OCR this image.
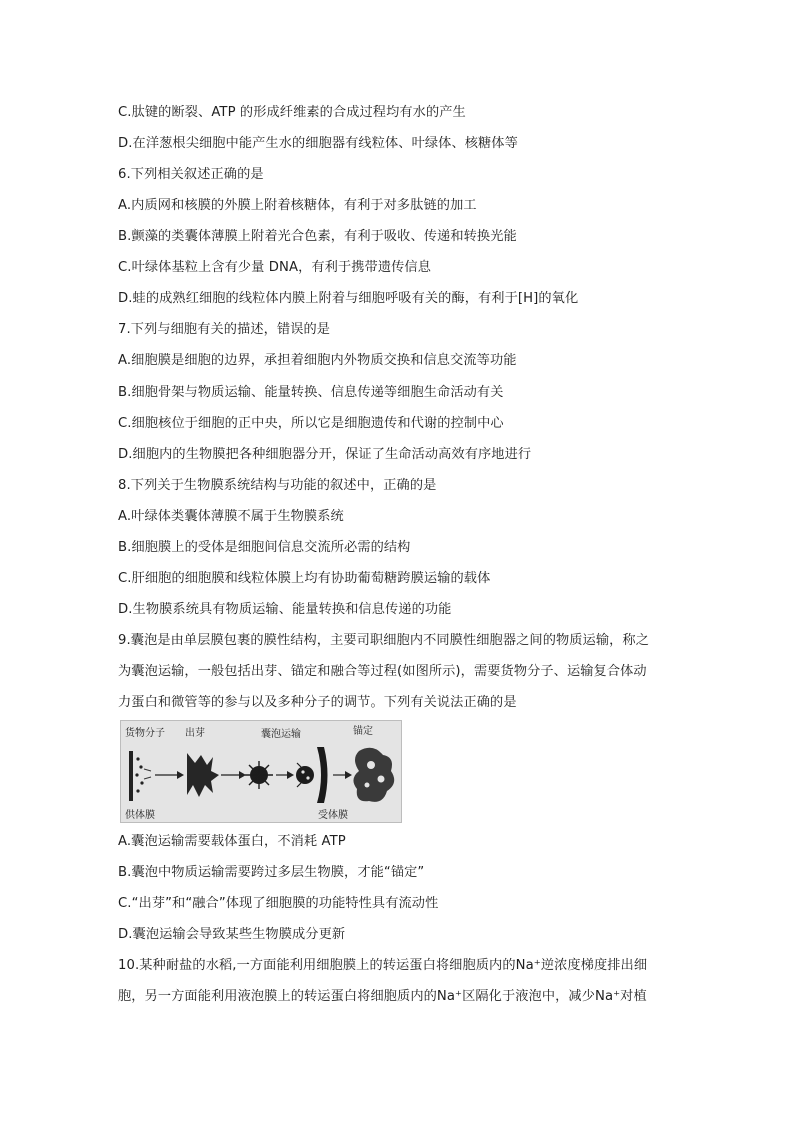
C.肽键的断裂、ATP 的形成纤维素的合成过程均有水的产生
D.在洋葱根尖细胞中能产生水的细胞器有线粒体、叶绿体、核糖体等
6.下列相关叙述正确的是
A.内质网和核膜的外膜上附着核糖体，有利于对多肽链的加工
B.颤藻的类囊体薄膜上附着光合色素，有利于吸收、传递和转换光能
C.叶绿体基粒上含有少量 DNA，有利于携带遗传信息
D.蛙的成熟红细胞的线粒体内膜上附着与细胞呼吸有关的酶，有利于[H]的氧化
7.下列与细胞有关的描述，错误的是
A.细胞膜是细胞的边界，承担着细胞内外物质交换和信息交流等功能
B.细胞骨架与物质运输、能量转换、信息传递等细胞生命活动有关
C.细胞核位于细胞的正中央，所以它是细胞遗传和代谢的控制中心
D.细胞内的生物膜把各种细胞器分开，保证了生命活动高效有序地进行
8.下列关于生物膜系统结构与功能的叙述中，正确的是
A.叶绿体类囊体薄膜不属于生物膜系统
B.细胞膜上的受体是细胞间信息交流所必需的结构
C.肝细胞的细胞膜和线粒体膜上均有协助葡萄糖跨膜运输的载体
D.生物膜系统具有物质运输、能量转换和信息传递的功能
9.囊泡是由单层膜包裹的膜性结构，主要司职细胞内不同膜性细胞器之间的物质运输，称之
为囊泡运输，一般包括出芽、锚定和融合等过程(如图所示)，需要货物分子、运输复合体动
力蛋白和微管等的参与以及多种分子的调节。下列有关说法正确的是
货物分子 出芽	囊泡运输	锚定
供体膜	受体膜
A.囊泡运输需要载体蛋白，不消耗 ATP
B.囊泡中物质运输需要跨过多层生物膜，才能“锚定”
C.“出芽”和“融合”体现了细胞膜的功能特性具有流动性
D.囊泡运输会导致某些生物膜成分更新
10.某种耐盐的水稻,一方面能利用细胞膜上的转运蛋白将细胞质内的Na⁺逆浓度梯度排出细
胞，另一方面能利用液泡膜上的转运蛋白将细胞质内的Na⁺区隔化于液泡中，减少Na⁺对植
